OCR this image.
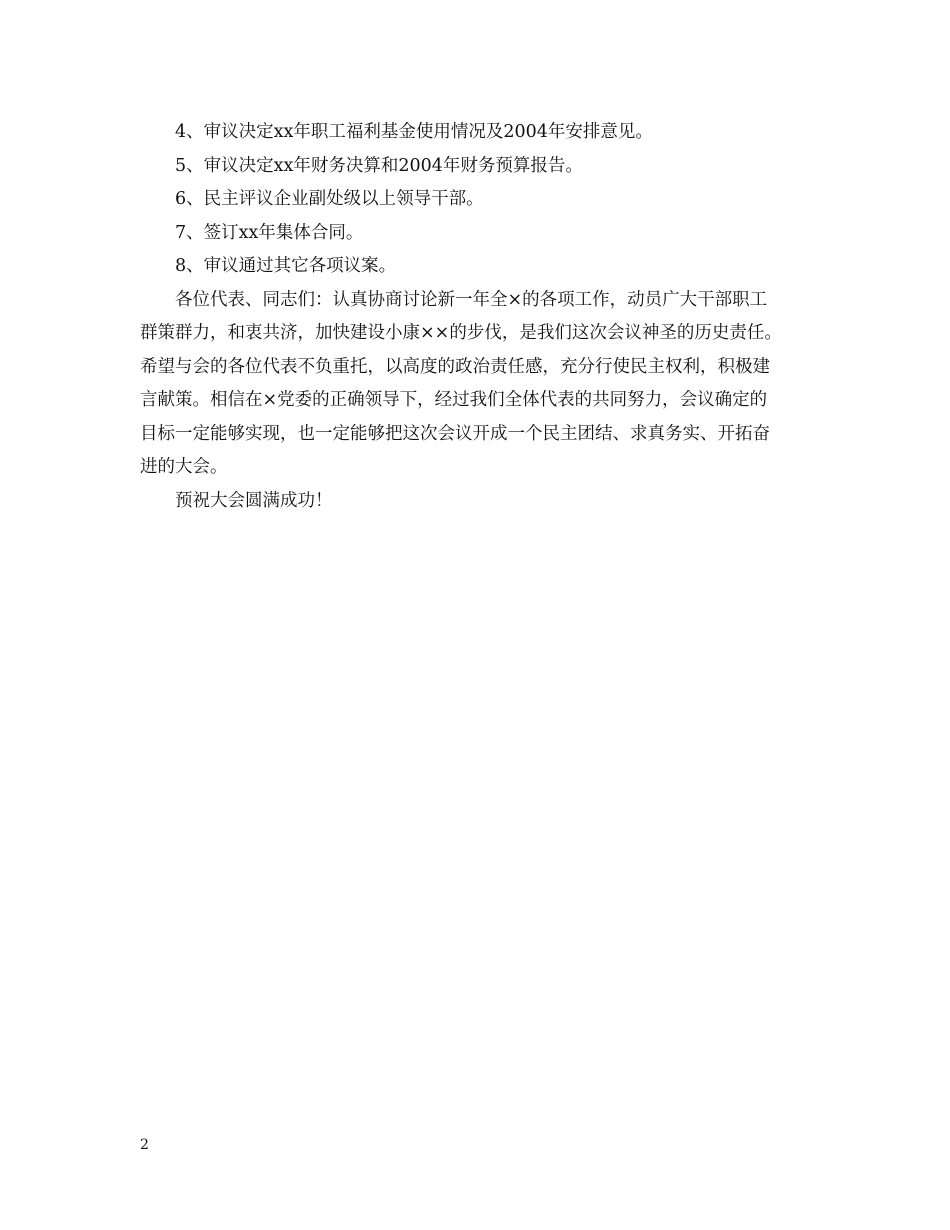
4、审议决定xx年职工福利基金使用情况及2004年安排意见。

5、审议决定xx年财务决算和2004年财务预算报告。

6、民主评议企业副处级以上领导干部。

7、签订xx年集体合同。

8、审议通过其它各项议案。

各位代表、同志们：认真协商讨论新一年全×的各项工作，动员广大干部职工

群策群力，和衷共济，加快建设小康××的步伐，是我们这次会议神圣的历史责任。

希望与会的各位代表不负重托，以高度的政治责任感，充分行使民主权利，积极建

言献策。相信在×党委的正确领导下，经过我们全体代表的共同努力，会议确定的

目标一定能够实现，也一定能够把这次会议开成一个民主团结、求真务实、开拓奋

进的大会。

预祝大会圆满成功！

2
